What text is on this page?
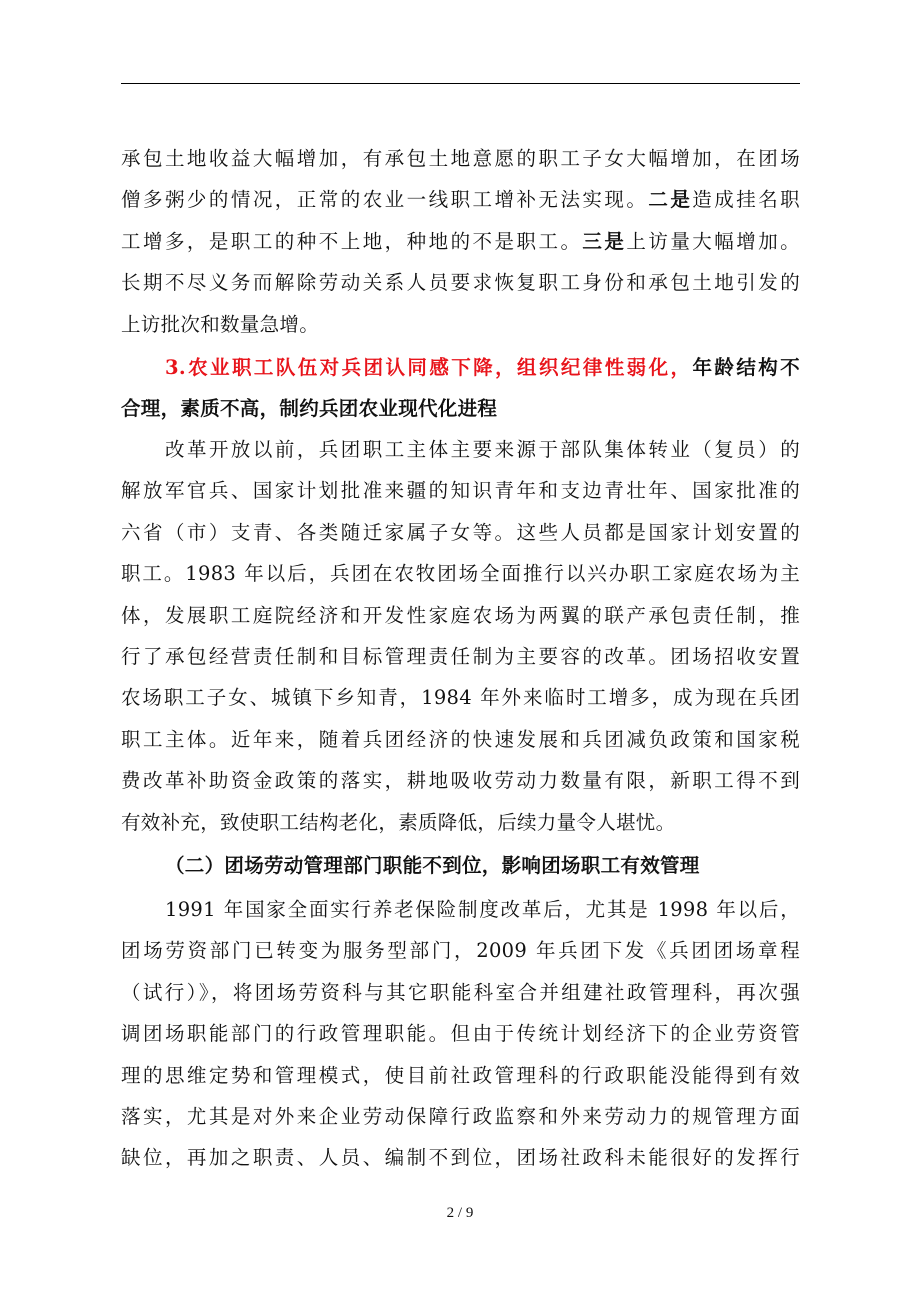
承包土地收益大幅增加，有承包土地意愿的职工子女大幅增加，在团场
僧多粥少的情况，正常的农业一线职工增补无法实现。二是造成挂名职
工增多，是职工的种不上地，种地的不是职工。三是上访量大幅增加。
长期不尽义务而解除劳动关系人员要求恢复职工身份和承包土地引发的
上访批次和数量急增。
3.农业职工队伍对兵团认同感下降，组织纪律性弱化，年龄结构不
合理，素质不高，制约兵团农业现代化进程
改革开放以前，兵团职工主体主要来源于部队集体转业（复员）的
解放军官兵、国家计划批准来疆的知识青年和支边青壮年、国家批准的
六省（市）支青、各类随迁家属子女等。这些人员都是国家计划安置的
职工。1983 年以后，兵团在农牧团场全面推行以兴办职工家庭农场为主
体，发展职工庭院经济和开发性家庭农场为两翼的联产承包责任制，推
行了承包经营责任制和目标管理责任制为主要容的改革。团场招收安置
农场职工子女、城镇下乡知青，1984 年外来临时工增多，成为现在兵团
职工主体。近年来，随着兵团经济的快速发展和兵团减负政策和国家税
费改革补助资金政策的落实，耕地吸收劳动力数量有限，新职工得不到
有效补充，致使职工结构老化，素质降低，后续力量令人堪忧。
（二）团场劳动管理部门职能不到位，影响团场职工有效管理
1991 年国家全面实行养老保险制度改革后，尤其是 1998 年以后，
团场劳资部门已转变为服务型部门，2009 年兵团下发《兵团团场章程
（试行）》，将团场劳资科与其它职能科室合并组建社政管理科，再次强
调团场职能部门的行政管理职能。但由于传统计划经济下的企业劳资管
理的思维定势和管理模式，使目前社政管理科的行政职能没能得到有效
落实，尤其是对外来企业劳动保障行政监察和外来劳动力的规管理方面
缺位，再加之职责、人员、编制不到位，团场社政科未能很好的发挥行
2 / 9
